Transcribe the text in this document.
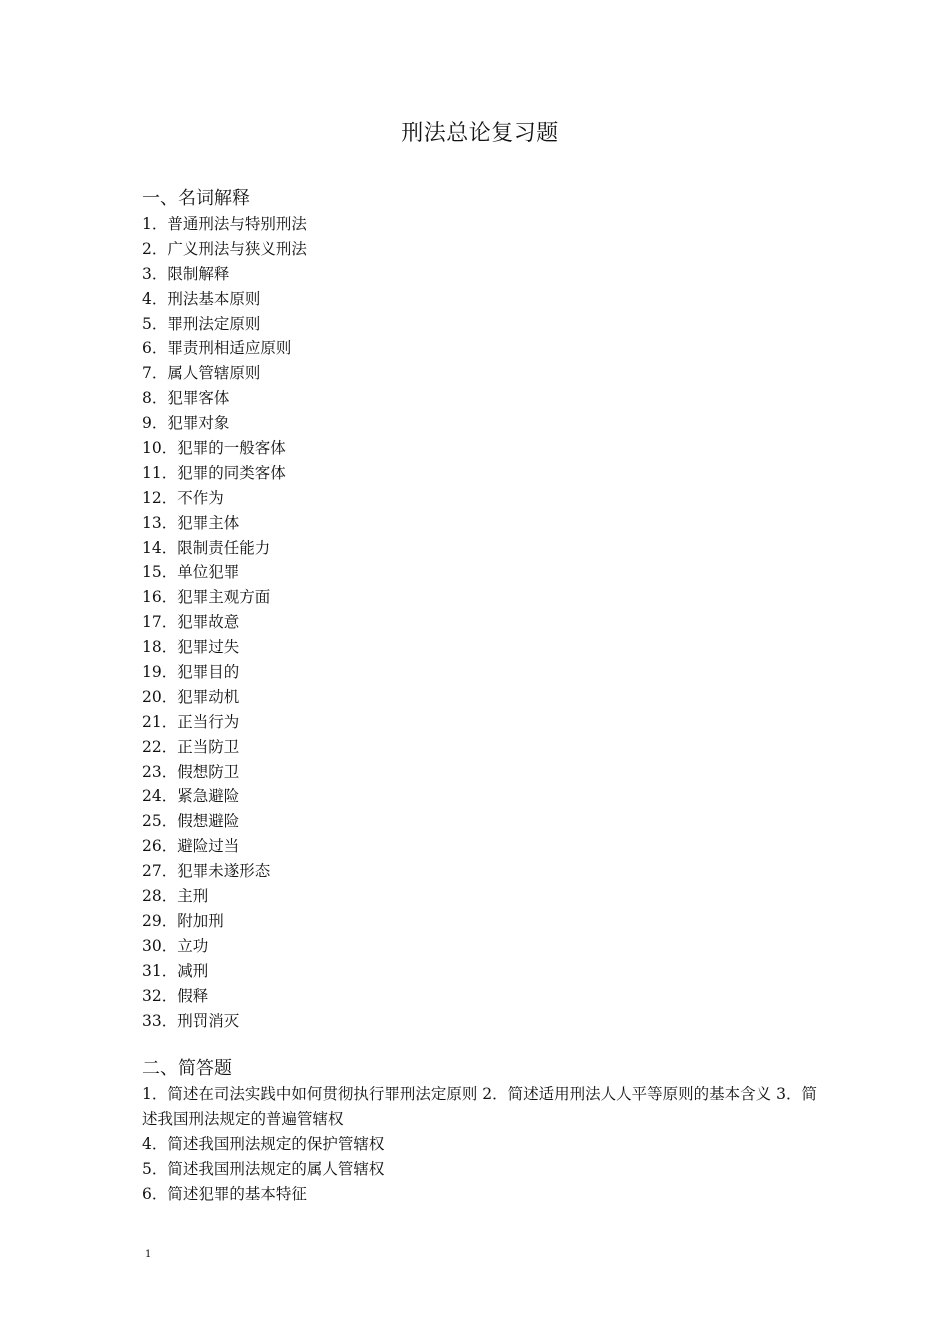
刑法总论复习题
一、名词解释
1．普通刑法与特别刑法
2．广义刑法与狭义刑法
3．限制解释
4．刑法基本原则
5．罪刑法定原则
6．罪责刑相适应原则
7．属人管辖原则
8．犯罪客体
9．犯罪对象
10．犯罪的一般客体
11．犯罪的同类客体
12．不作为
13．犯罪主体
14．限制责任能力
15．单位犯罪
16．犯罪主观方面
17．犯罪故意
18．犯罪过失
19．犯罪目的
20．犯罪动机
21．正当行为
22．正当防卫
23．假想防卫
24．紧急避险
25．假想避险
26．避险过当
27．犯罪未遂形态
28．主刑
29．附加刑
30．立功
31．减刑
32．假释
33．刑罚消灭
二、简答题
1．简述在司法实践中如何贯彻执行罪刑法定原则 2．简述适用刑法人人平等原则的基本含义 3．简述我国刑法规定的普遍管辖权
4．简述我国刑法规定的保护管辖权
5．简述我国刑法规定的属人管辖权
6．简述犯罪的基本特征
1
